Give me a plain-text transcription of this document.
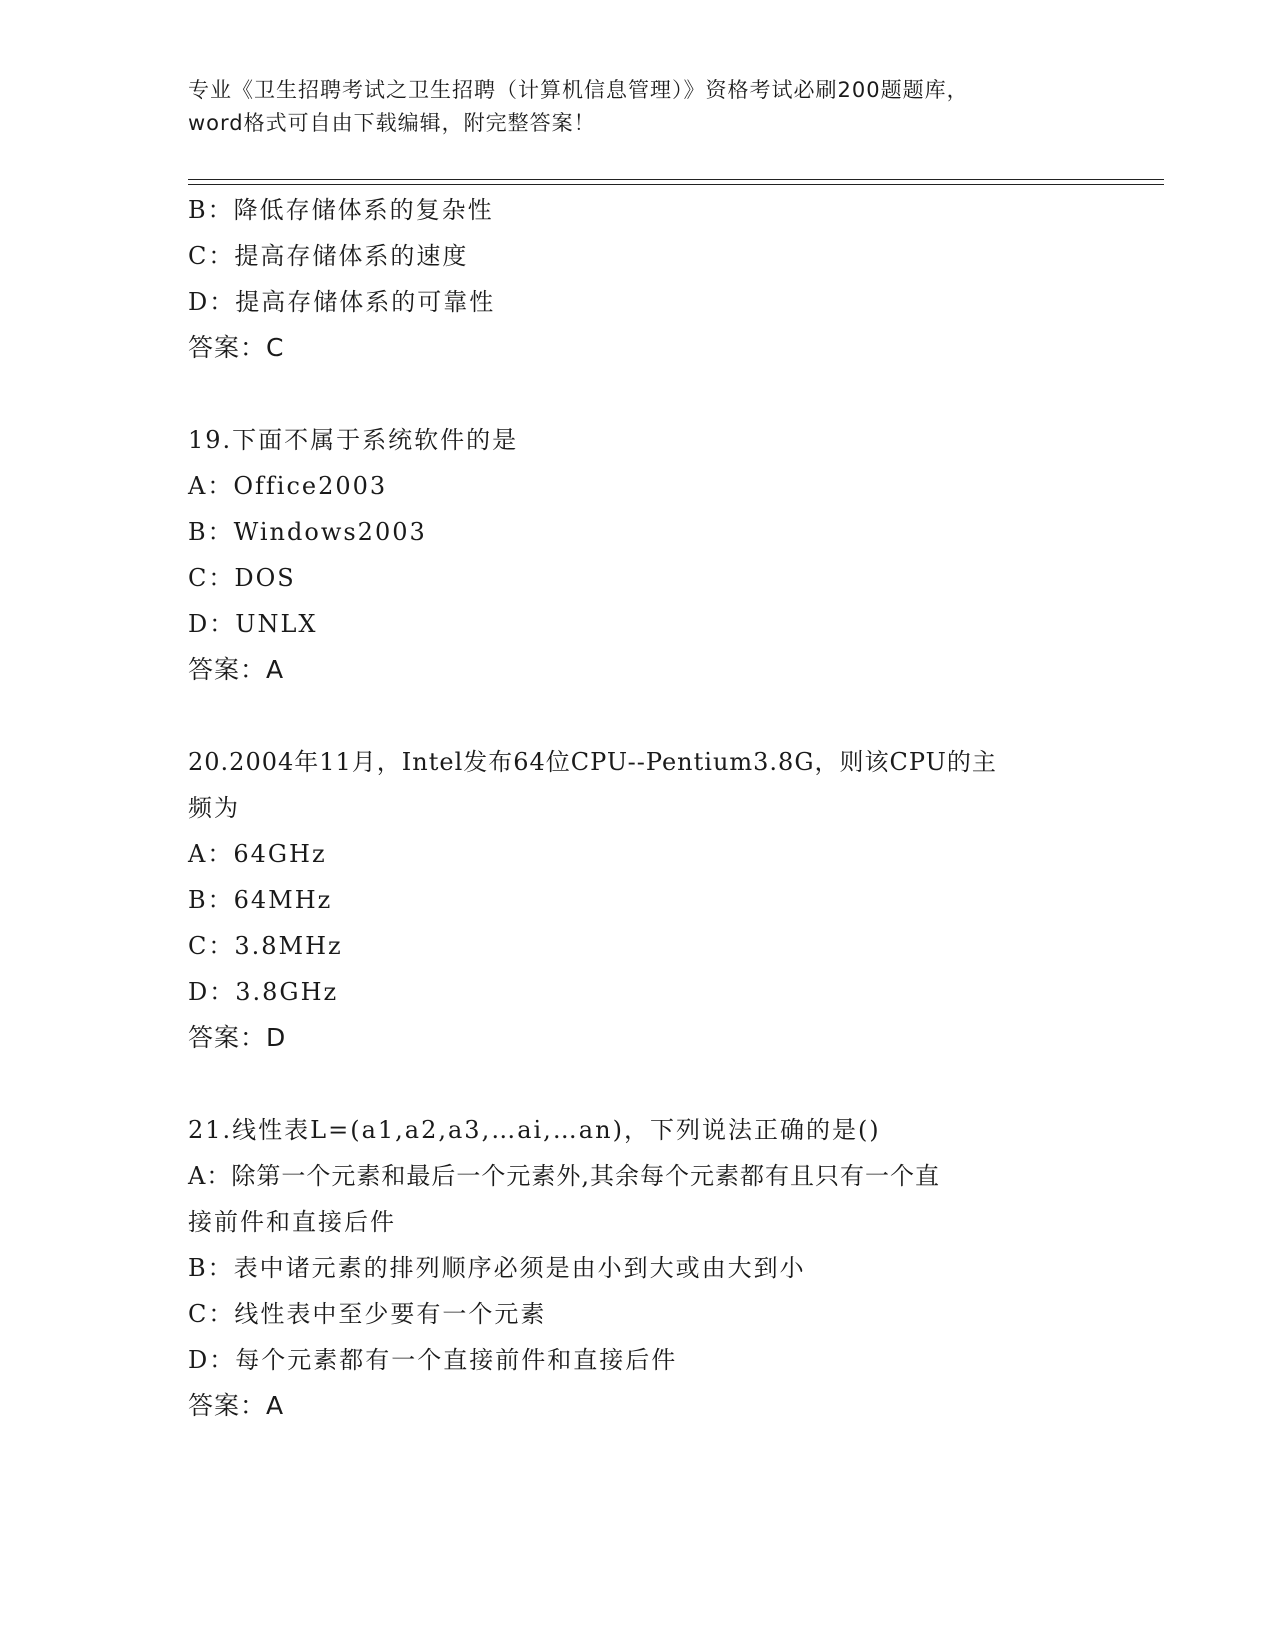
专业《卫生招聘考试之卫生招聘（计算机信息管理）》资格考试必刷200题题库，
word格式可自由下载编辑，附完整答案！
B：降低存储体系的复杂性
C：提高存储体系的速度
D：提高存储体系的可靠性
答案：C
19.下面不属于系统软件的是
A：Office2003
B：Windows2003
C：DOS
D：UNLX
答案：A
20.2004年11月，Intel发布64位CPU--Pentium3.8G，则该CPU的主
频为
A：64GHz
B：64MHz
C：3.8MHz
D：3.8GHz
答案：D
21.线性表L=(a1,a2,a3,…ai,…an)，下列说法正确的是()
A：除第一个元素和最后一个元素外,其余每个元素都有且只有一个直
接前件和直接后件
B：表中诸元素的排列顺序必须是由小到大或由大到小
C：线性表中至少要有一个元素
D：每个元素都有一个直接前件和直接后件
答案：A
